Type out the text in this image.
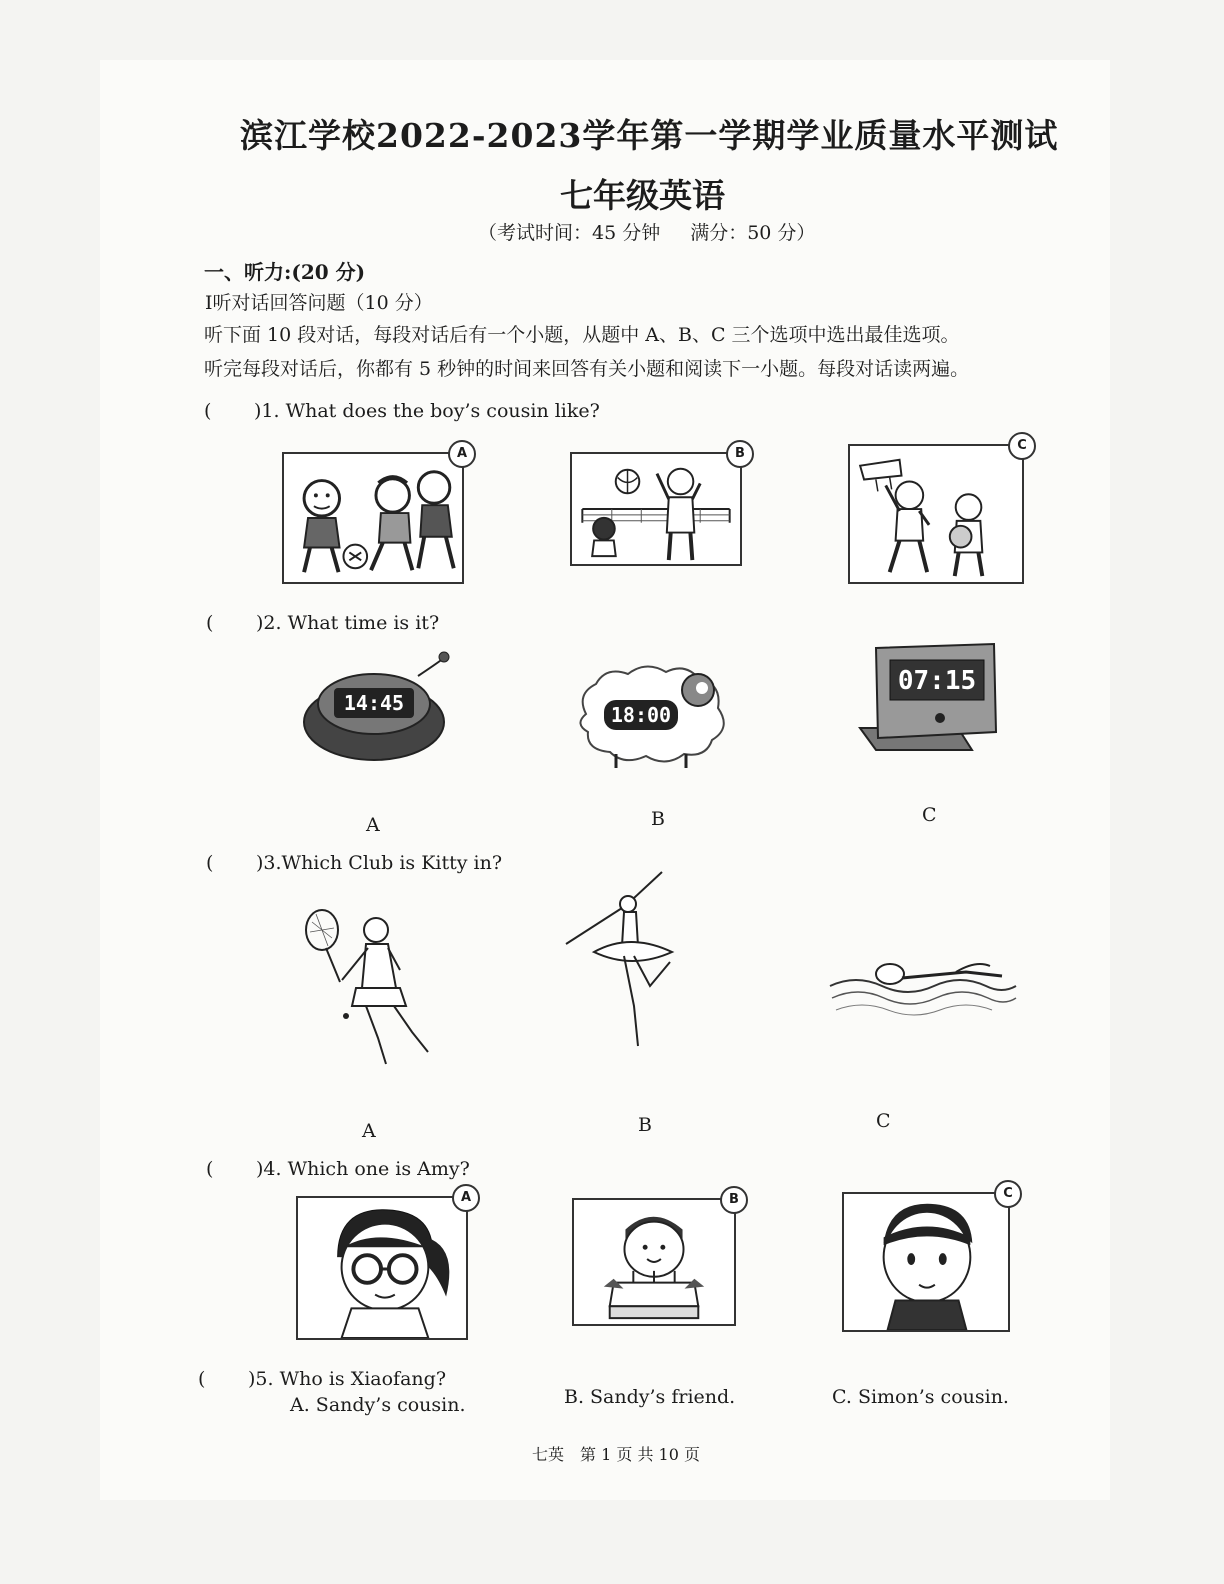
滨江学校2022-2023学年第一学期学业质量水平测试
七年级英语
（考试时间：45 分钟 满分：50 分）
一、听力:(20 分)
Ⅰ听对话回答问题（10 分）
听下面 10 段对话，每段对话后有一个小题，从题中 A、B、C 三个选项中选出最佳选项。
听完每段对话后，你都有 5 秒钟的时间来回答有关小题和阅读下一小题。每段对话读两遍。
(　　)1. What does the boy’s cousin like?
A	B
C
(　　)2. What time is it?
14:45
A
18:00
B
07:15
C
(　　)3.Which Club is Kitty in?
A	B	C
(　　)4. Which one is Amy?
A	B	C
(　　)5. Who is Xiaofang?
A. Sandy’s cousin.	B. Sandy’s friend.	C. Simon’s cousin.
七英　第 1 页 共 10 页
